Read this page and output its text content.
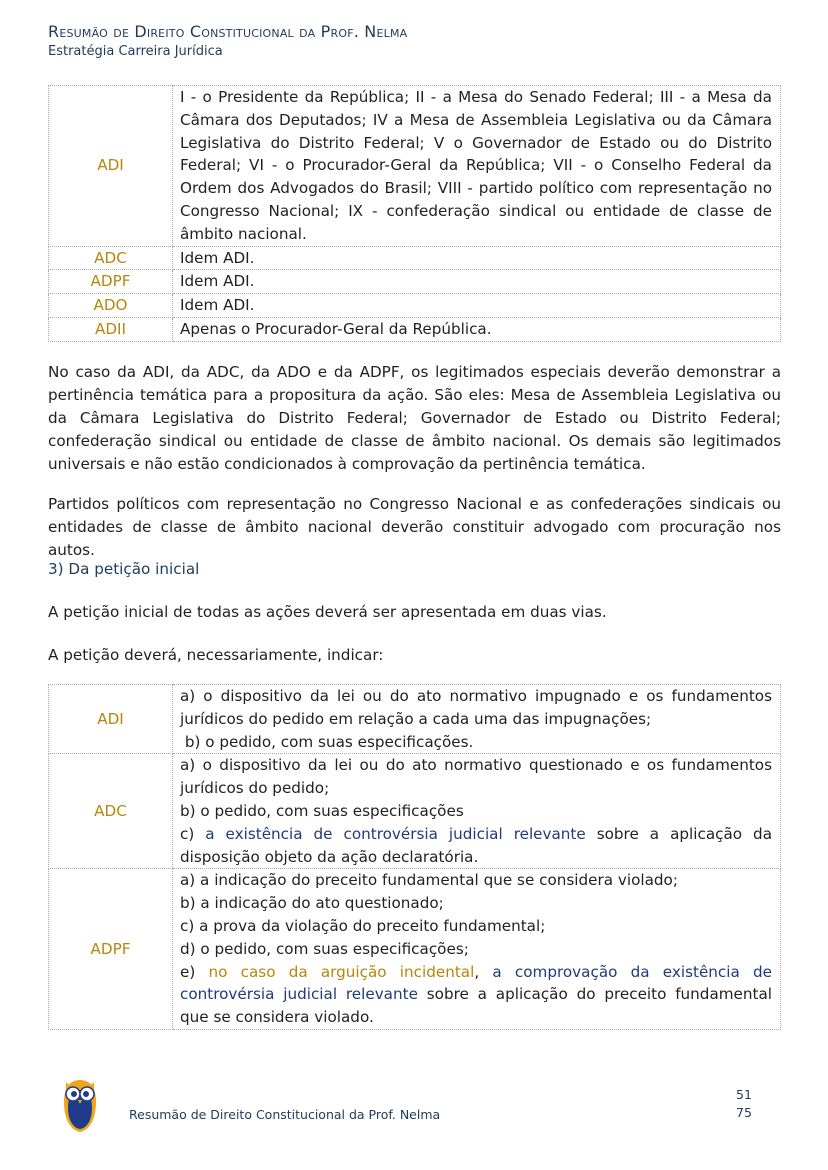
Resumão de Direito Constitucional da Prof. Nelma
Estratégia Carreira Jurídica
ADI	I - o Presidente da República; II - a Mesa do Senado Federal; III - a Mesa da Câmara dos Deputados; IV a Mesa de Assembleia Legislativa ou da Câmara Legislativa do Distrito Federal; V o Governador de Estado ou do Distrito Federal; VI - o Procurador-Geral da República; VII - o Conselho Federal da Ordem dos Advogados do Brasil; VIII - partido político com representação no Congresso Nacional; IX - confederação sindical ou entidade de classe de âmbito nacional.
ADC	Idem ADI.
ADPF	Idem ADI.
ADO	Idem ADI.
ADII	Apenas o Procurador-Geral da República.

No caso da ADI, da ADC, da ADO e da ADPF, os legitimados especiais deverão demonstrar a pertinência temática para a propositura da ação. São eles: Mesa de Assembleia Legislativa ou da Câmara Legislativa do Distrito Federal; Governador de Estado ou Distrito Federal; confederação sindical ou entidade de classe de âmbito nacional. Os demais são legitimados universais e não estão condicionados à comprovação da pertinência temática.

Partidos políticos com representação no Congresso Nacional e as confederações sindicais ou entidades de classe de âmbito nacional deverão constituir advogado com procuração nos autos.

3) Da petição inicial

A petição inicial de todas as ações deverá ser apresentada em duas vias.

A petição deverá, necessariamente, indicar:

ADI	a) o dispositivo da lei ou do ato normativo impugnado e os fundamentos jurídicos do pedido em relação a cada uma das impugnações;
b) o pedido, com suas especificações.

ADC	a) o dispositivo da lei ou do ato normativo questionado e os fundamentos jurídicos do pedido;
b) o pedido, com suas especificações
c) a existência de controvérsia judicial relevante sobre a aplicação da disposição objeto da ação declaratória.

ADPF	a) a indicação do preceito fundamental que se considera violado;
b) a indicação do ato questionado;
c) a prova da violação do preceito fundamental;
d) o pedido, com suas especificações;
e) no caso da arguição incidental, a comprovação da existência de controvérsia judicial relevante sobre a aplicação do preceito fundamental que se considera violado.
Resumão de Direito Constitucional da Prof. Nelma
51
75
